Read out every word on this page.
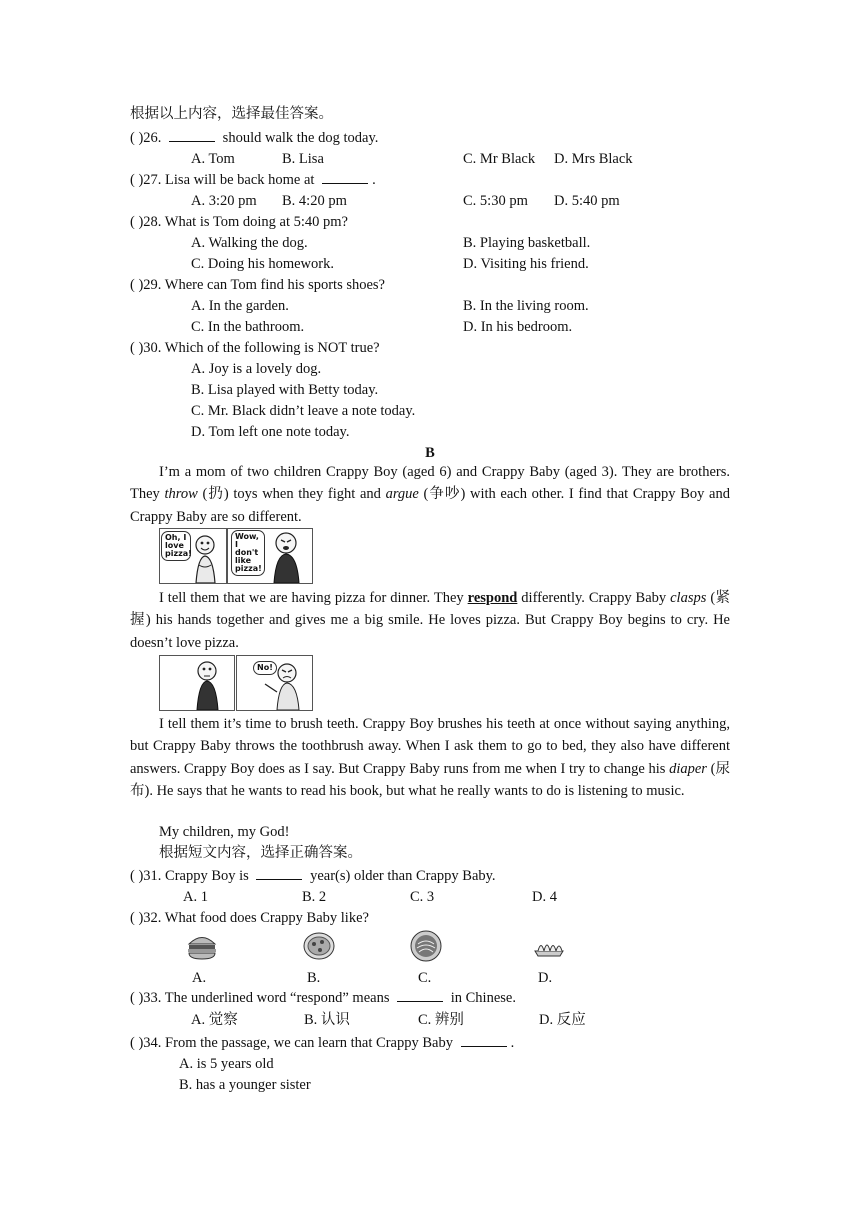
根据以上内容，选择最佳答案。
( )26.	should walk the dog today.
A. Tom	B. Lisa	C. Mr Black D. Mrs Black
( )27. Lisa will be back home at	.
A. 3:20 pm B. 4:20 pm	C. 5:30 pm D. 5:40 pm
( )28. What is Tom doing at 5:40 pm?
A. Walking the dog.	B. Playing basketball.
C. Doing his homework.	D. Visiting his friend.
( )29. Where can Tom find his sports shoes?
A. In the garden.	B. In the living room.
C. In the bathroom.	D. In his bedroom.
( )30. Which of the following is NOT true?
A. Joy is a lovely dog.
B. Lisa played with Betty today.
C. Mr. Black didn’t leave a note today.
D. Tom left one note today.
B
I’m a mom of two children Crappy Boy (aged 6) and Crappy Baby (aged 3). They are brothers. They throw (扔) toys when they fight and argue (争吵) with each other. I find that Crappy Boy and Crappy Baby are so different.
Oh, I love pizza!
Wow, I don't like pizza!
I tell them that we are having pizza for dinner. They respond differently. Crappy Baby clasps (紧握) his hands together and gives me a big smile. He loves pizza. But Crappy Boy begins to cry. He doesn’t love pizza.
No!
I tell them it’s time to brush teeth. Crappy Boy brushes his teeth at once without saying anything, but Crappy Baby throws the toothbrush away. When I ask them to go to bed, they also have different answers. Crappy Boy does as I say. But Crappy Baby runs from me when I try to change his diaper (尿布). He says that he wants to read his book, but what he really wants to do is listening to music.
My children, my God!
根据短文内容，选择正确答案。
( )31. Crappy Boy is	year(s) older than Crappy Baby.
A. 1	B. 2	C. 3	D. 4
( )32. What food does Crappy Baby like?
A.	B.	C.	D.
( )33. The underlined word “respond” means	in Chinese.
A. 觉察	B. 认识	C. 辨别	D. 反应
( )34. From the passage, we can learn that Crappy Baby	.
A. is 5 years old
B. has a younger sister
